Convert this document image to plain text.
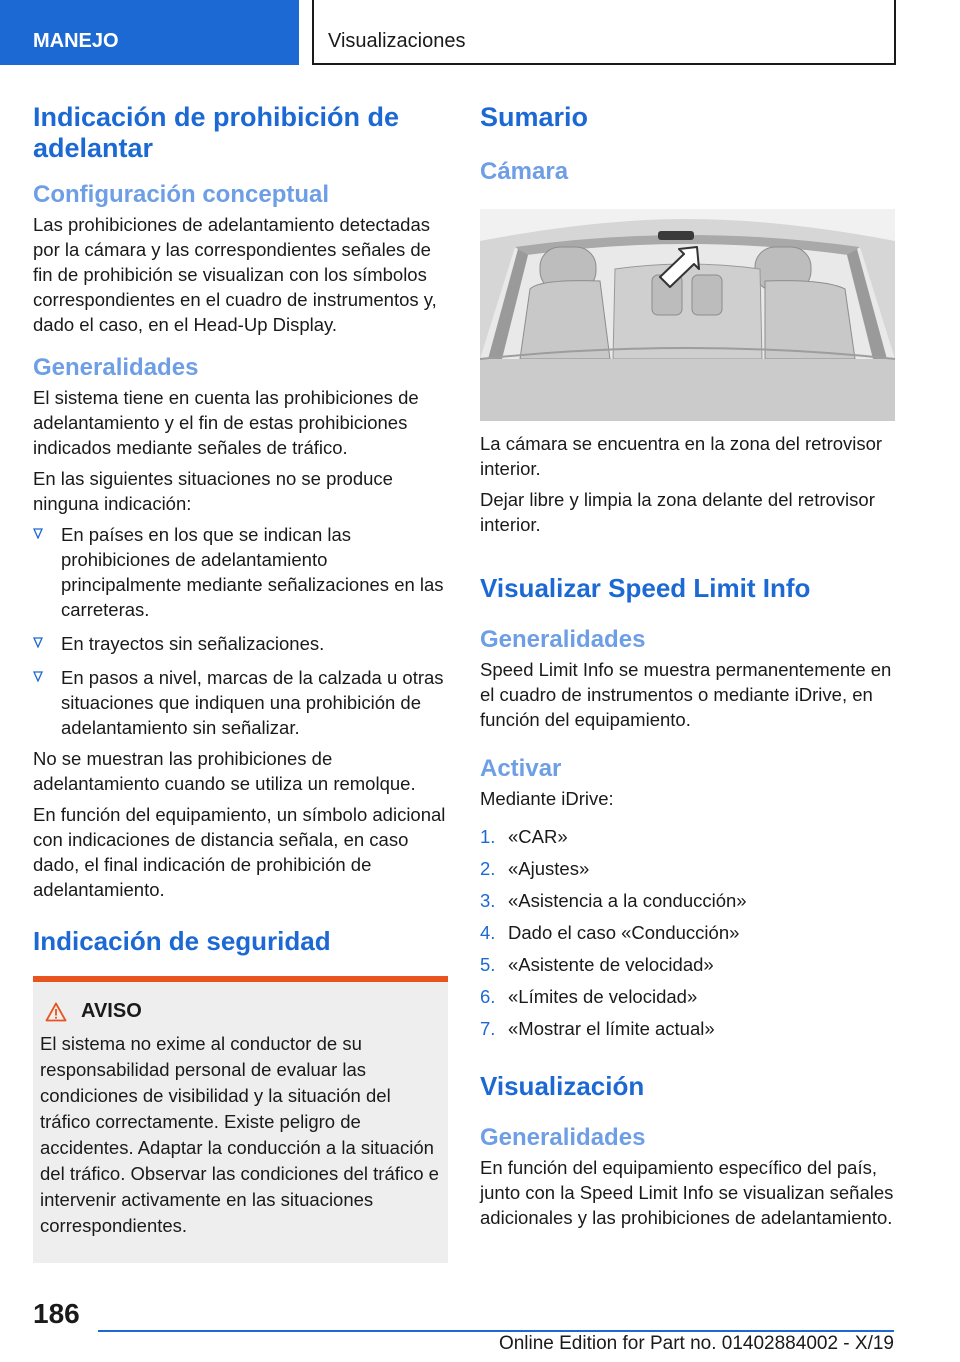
MANEJO	Visualizaciones
Indicación de prohibición de adelantar
Configuración conceptual
Las prohibiciones de adelantamiento detectadas por la cámara y las correspondientes señales de fin de prohibición se visualizan con los símbolos correspondientes en el cuadro de instrumentos y, dado el caso, en el Head-Up Display.
Generalidades
El sistema tiene en cuenta las prohibiciones de adelantamiento y el fin de estas prohibiciones indicados mediante señales de tráfico.
En las siguientes situaciones no se produce ninguna indicación:
En países en los que se indican las prohibiciones de adelantamiento principalmente mediante señalizaciones en las carreteras.
En trayectos sin señalizaciones.
En pasos a nivel, marcas de la calzada u otras situaciones que indiquen una prohibición de adelantamiento sin señalizar.
No se muestran las prohibiciones de adelantamiento cuando se utiliza un remolque.
En función del equipamiento, un símbolo adicional con indicaciones de distancia señala, en caso dado, el final indicación de prohibición de adelantamiento.
Indicación de seguridad
AVISO
El sistema no exime al conductor de su responsabilidad personal de evaluar las condiciones de visibilidad y la situación del tráfico correctamente. Existe peligro de accidentes. Adaptar la conducción a la situación del tráfico. Observar las condiciones del tráfico e intervenir activamente en las situaciones correspondientes.
Sumario
Cámara
La cámara se encuentra en la zona del retrovisor interior.
Dejar libre y limpia la zona delante del retrovisor interior.
Visualizar Speed Limit Info
Generalidades
Speed Limit Info se muestra permanentemente en el cuadro de instrumentos o mediante iDrive, en función del equipamiento.
Activar
Mediante iDrive:
1. «CAR»
2. «Ajustes»
3. «Asistencia a la conducción»
4. Dado el caso «Conducción»
5. «Asistente de velocidad»
6. «Límites de velocidad»
7. «Mostrar el límite actual»
Visualización
Generalidades
En función del equipamiento específico del país, junto con la Speed Limit Info se visualizan señales adicionales y las prohibiciones de adelantamiento.
186
Online Edition for Part no. 01402884002 - X/19
